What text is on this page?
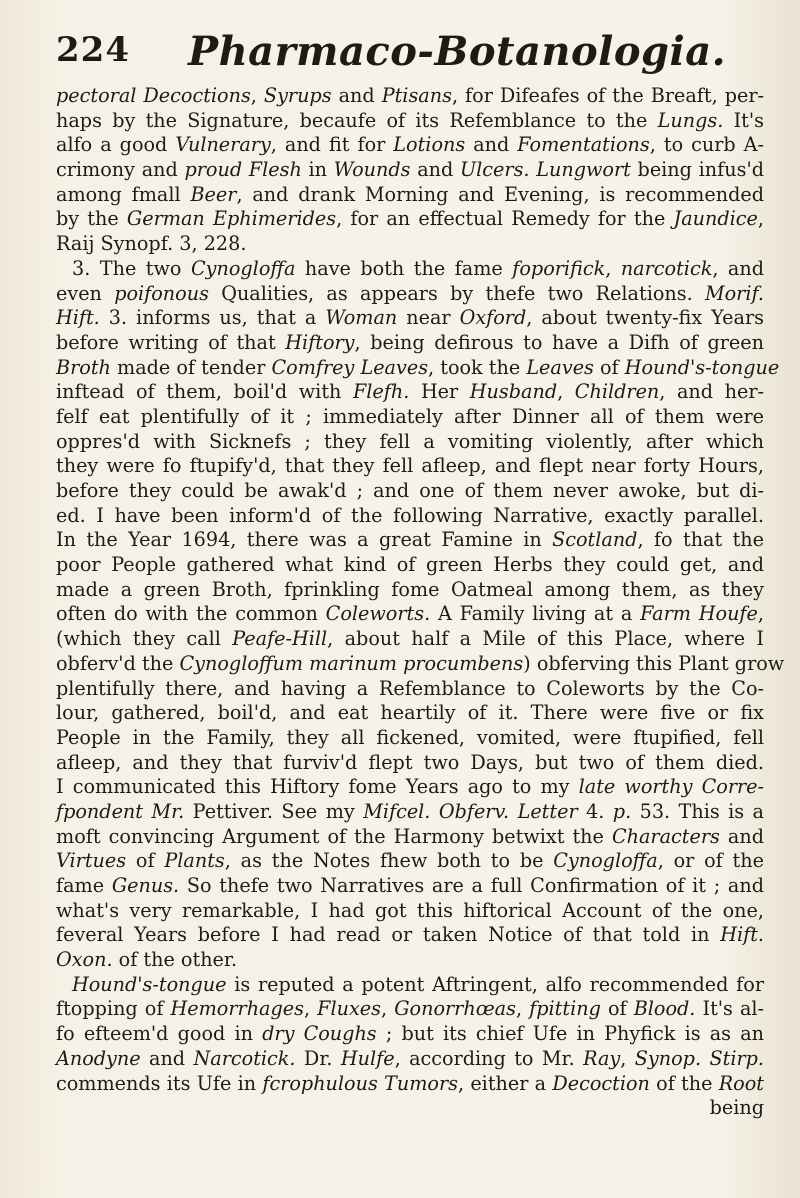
224 Pharmaco-Botanologia.
pectoral Decoctions, Syrups and Ptisans, for Difeafes of the Breaft, per-
haps by the Signature, becaufe of its Refemblance to the Lungs. It's
alfo a good Vulnerary, and fit for Lotions and Fomentations, to curb A-
crimony and proud Flesh in Wounds and Ulcers. Lungwort being infus'd
among fmall Beer, and drank Morning and Evening, is recommended
by the German Ephimerides, for an effectual Remedy for the Jaundice,
Raij Synopf. 3, 228.
3. The two Cynogloffa have both the fame foporifick, narcotick, and
even poifonous Qualities, as appears by thefe two Relations. Morif.
Hift. 3. informs us, that a Woman near Oxford, about twenty-fix Years
before writing of that Hiftory, being defirous to have a Difh of green
Broth made of tender Comfrey Leaves, took the Leaves of Hound's-tongue
inftead of them, boil'd with Flefh. Her Husband, Children, and her-
felf eat plentifully of it ; immediately after Dinner all of them were
oppres'd with Sicknefs ; they fell a vomiting violently, after which
they were fo ftupify'd, that they fell afleep, and flept near forty Hours,
before they could be awak'd ; and one of them never awoke, but di-
ed. I have been inform'd of the following Narrative, exactly parallel.
In the Year 1694, there was a great Famine in Scotland, fo that the
poor People gathered what kind of green Herbs they could get, and
made a green Broth, fprinkling fome Oatmeal among them, as they
often do with the common Coleworts. A Family living at a Farm Houfe,
(which they call Peafe-Hill, about half a Mile of this Place, where I
obferv'd the Cynogloffum marinum procumbens) obferving this Plant grow
plentifully there, and having a Refemblance to Coleworts by the Co-
lour, gathered, boil'd, and eat heartily of it. There were five or fix
People in the Family, they all fickened, vomited, were ftupified, fell
afleep, and they that furviv'd flept two Days, but two of them died.
I communicated this Hiftory fome Years ago to my late worthy Corre-
fpondent Mr. Pettiver. See my Mifcel. Obferv. Letter 4. p. 53. This is a
moft convincing Argument of the Harmony betwixt the Characters and
Virtues of Plants, as the Notes fhew both to be Cynogloffa, or of the
fame Genus. So thefe two Narratives are a full Confirmation of it ; and
what's very remarkable, I had got this hiftorical Account of the one,
feveral Years before I had read or taken Notice of that told in Hift.
Oxon. of the other.
Hound's-tongue is reputed a potent Aftringent, alfo recommended for
ftopping of Hemorrhages, Fluxes, Gonorrhœas, fpitting of Blood. It's al-
fo efteem'd good in dry Coughs ; but its chief Ufe in Phyfick is as an
Anodyne and Narcotick. Dr. Hulfe, according to Mr. Ray, Synop. Stirp.
commends its Ufe in fcrophulous Tumors, either a Decoction of the Root
being
